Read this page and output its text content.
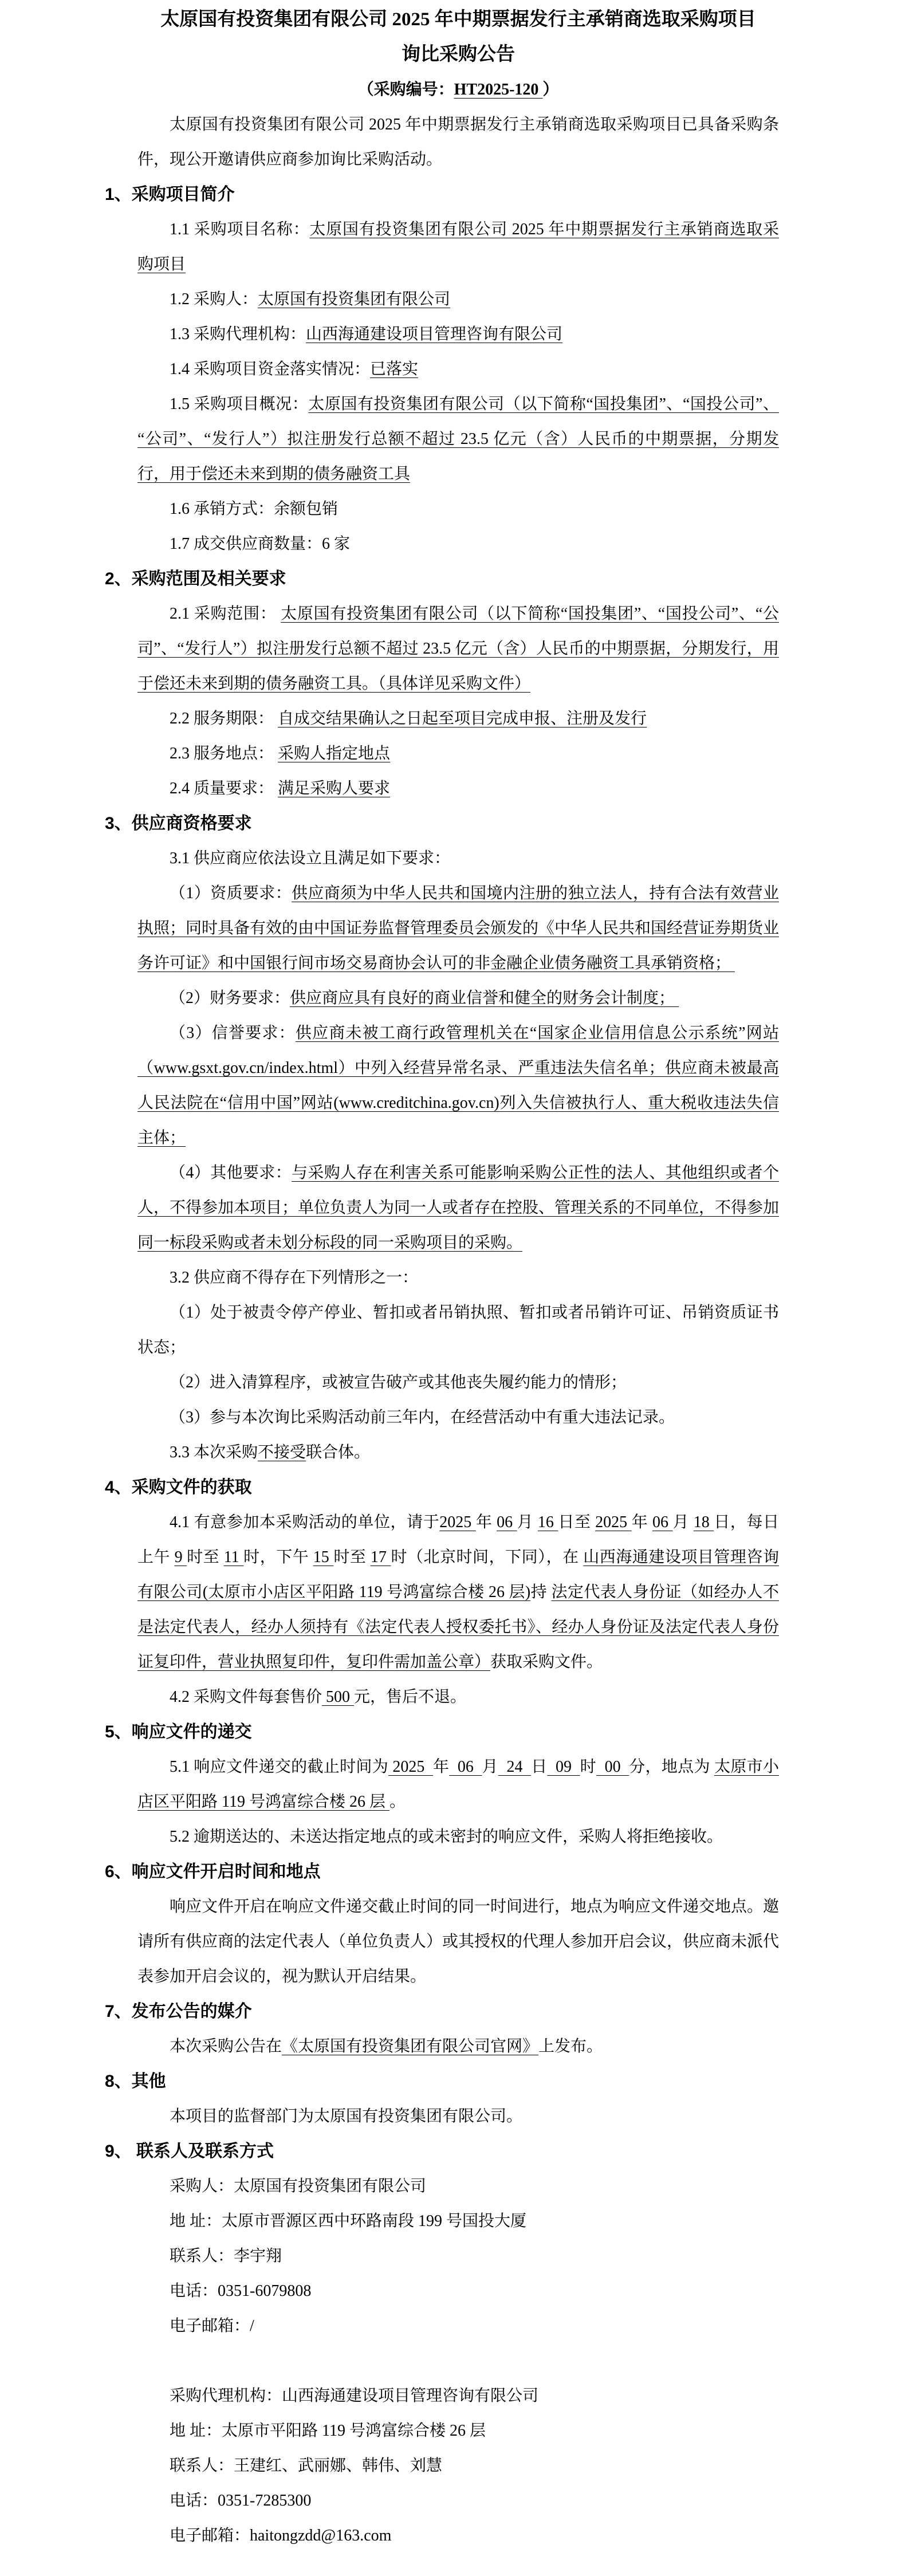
太原国有投资集团有限公司 2025 年中期票据发行主承销商选取采购项目

询比采购公告

（采购编号：HT2025-120 ）

太原国有投资集团有限公司 2025 年中期票据发行主承销商选取采购项目已具备采购条件，现公开邀请供应商参加询比采购活动。

1、采购项目简介

1.1 采购项目名称：太原国有投资集团有限公司 2025 年中期票据发行主承销商选取采购项目

1.2 采购人：太原国有投资集团有限公司

1.3 采购代理机构：山西海通建设项目管理咨询有限公司

1.4 采购项目资金落实情况：已落实

1.5 采购项目概况：太原国有投资集团有限公司（以下简称“国投集团”、“国投公司”、“公司”、“发行人”）拟注册发行总额不超过 23.5 亿元（含）人民币的中期票据，分期发行，用于偿还未来到期的债务融资工具

1.6 承销方式：余额包销

1.7 成交供应商数量：6 家

2、采购范围及相关要求

2.1 采购范围： 太原国有投资集团有限公司（以下简称“国投集团”、“国投公司”、“公司”、“发行人”）拟注册发行总额不超过 23.5 亿元（含）人民币的中期票据，分期发行，用于偿还未来到期的债务融资工具。（具体详见采购文件）

2.2 服务期限： 自成交结果确认之日起至项目完成申报、注册及发行

2.3 服务地点： 采购人指定地点

2.4 质量要求： 满足采购人要求

3、供应商资格要求

3.1 供应商应依法设立且满足如下要求：

（1）资质要求：供应商须为中华人民共和国境内注册的独立法人，持有合法有效营业执照；同时具备有效的由中国证券监督管理委员会颁发的《中华人民共和国经营证券期货业务许可证》和中国银行间市场交易商协会认可的非金融企业债务融资工具承销资格；

（2）财务要求：供应商应具有良好的商业信誉和健全的财务会计制度；

（3）信誉要求：供应商未被工商行政管理机关在“国家企业信用信息公示系统”网站（www.gsxt.gov.cn/index.html）中列入经营异常名录、严重违法失信名单；供应商未被最高人民法院在“信用中国”网站(www.creditchina.gov.cn)列入失信被执行人、重大税收违法失信主体；

（4）其他要求：与采购人存在利害关系可能影响采购公正性的法人、其他组织或者个人，不得参加本项目；单位负责人为同一人或者存在控股、管理关系的不同单位，不得参加同一标段采购或者未划分标段的同一采购项目的采购。

3.2 供应商不得存在下列情形之一：

（1）处于被责令停产停业、暂扣或者吊销执照、暂扣或者吊销许可证、吊销资质证书状态；

（2）进入清算程序，或被宣告破产或其他丧失履约能力的情形；

（3）参与本次询比采购活动前三年内，在经营活动中有重大违法记录。

3.3 本次采购不接受联合体。

4、采购文件的获取

4.1 有意参加本采购活动的单位，请于2025 年 06 月 16 日至 2025 年 06 月 18 日，每日上午 9 时至 11 时，下午 15 时至 17 时（北京时间，下同），在 山西海通建设项目管理咨询有限公司(太原市小店区平阳路 119 号鸿富综合楼 26 层)持 法定代表人身份证（如经办人不是法定代表人，经办人须持有《法定代表人授权委托书》、经办人身份证及法定代表人身份证复印件，营业执照复印件，复印件需加盖公章）获取采购文件。

4.2 采购文件每套售价 500 元，售后不退。

5、响应文件的递交

5.1 响应文件递交的截止时间为 2025  年  06  月  24  日  09  时  00  分，地点为 太原市小店区平阳路 119 号鸿富综合楼 26 层 。

5.2 逾期送达的、未送达指定地点的或未密封的响应文件，采购人将拒绝接收。

6、响应文件开启时间和地点

响应文件开启在响应文件递交截止时间的同一时间进行，地点为响应文件递交地点。邀请所有供应商的法定代表人（单位负责人）或其授权的代理人参加开启会议，供应商未派代表参加开启会议的，视为默认开启结果。

7、发布公告的媒介

本次采购公告在《太原国有投资集团有限公司官网》上发布。

8、其他

本项目的监督部门为太原国有投资集团有限公司。

9、 联系人及联系方式

采购人：太原国有投资集团有限公司

地 址：太原市晋源区西中环路南段 199 号国投大厦

联系人：李宇翔

电话：0351-6079808

电子邮箱：/

采购代理机构：山西海通建设项目管理咨询有限公司

地 址：太原市平阳路 119 号鸿富综合楼 26 层

联系人：王建红、武丽娜、韩伟、刘慧

电话：0351-7285300

电子邮箱：haitongzdd@163.com
